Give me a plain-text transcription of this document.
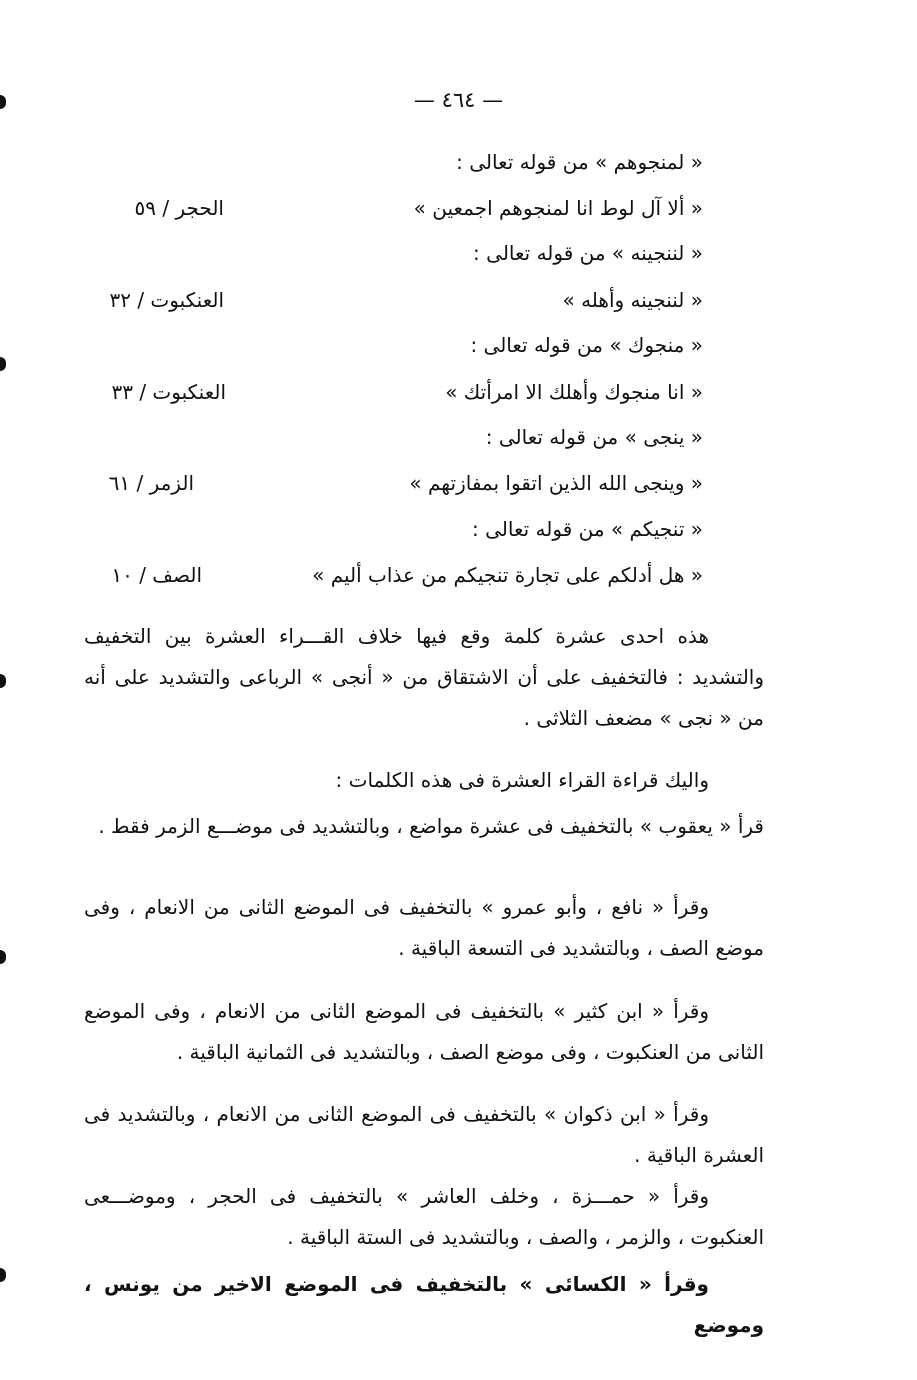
— ٤٦٤ —
« لمنجوهم » من قوله تعالى :
« ألا آل لوط انا لمنجوهم اجمعين »
الحجر / ٥٩
« لننجينه » من قوله تعالى :
« لننجينه وأهله »
العنكبوت / ٣٢
« منجوك » من قوله تعالى :
« انا منجوك وأهلك الا امرأتك »
العنكبوت / ٣٣
« ينجى » من قوله تعالى :
« وينجى الله الذين اتقوا بمفازتهم »
الزمر / ٦١
« تنجيكم » من قوله تعالى :
« هل أدلكم على تجارة تنجيكم من عذاب أليم »
الصف / ١٠
هذه احدى عشرة كلمة وقع فيها خلاف القـــراء العشرة بين التخفيف والتشديد : فالتخفيف على أن الاشتقاق من « أنجى » الرباعى والتشديد على أنه من « نجى » مضعف الثلاثى .
واليك قراءة القراء العشرة فى هذه الكلمات :
قرأ « يعقوب » بالتخفيف فى عشرة مواضع ، وبالتشديد فى موضـــع الزمر فقط .
وقرأ « نافع ، وأبو عمرو » بالتخفيف فى الموضع الثانى من الانعام ، وفى موضع الصف ، وبالتشديد فى التسعة الباقية .
وقرأ « ابن كثير » بالتخفيف فى الموضع الثانى من الانعام ، وفى الموضع الثانى من العنكبوت ، وفى موضع الصف ، وبالتشديد فى الثمانية الباقية .
وقرأ « ابن ذكوان » بالتخفيف فى الموضع الثانى من الانعام ، وبالتشديد فى العشرة الباقية .
وقرأ « حمـــزة ، وخلف العاشر » بالتخفيف فى الحجر ، وموضـــعى العنكبوت ، والزمر ، والصف ، وبالتشديد فى الستة الباقية .
وقرأ « الكسائى » بالتخفيف فى الموضع الاخير من يونس ، وموضع
